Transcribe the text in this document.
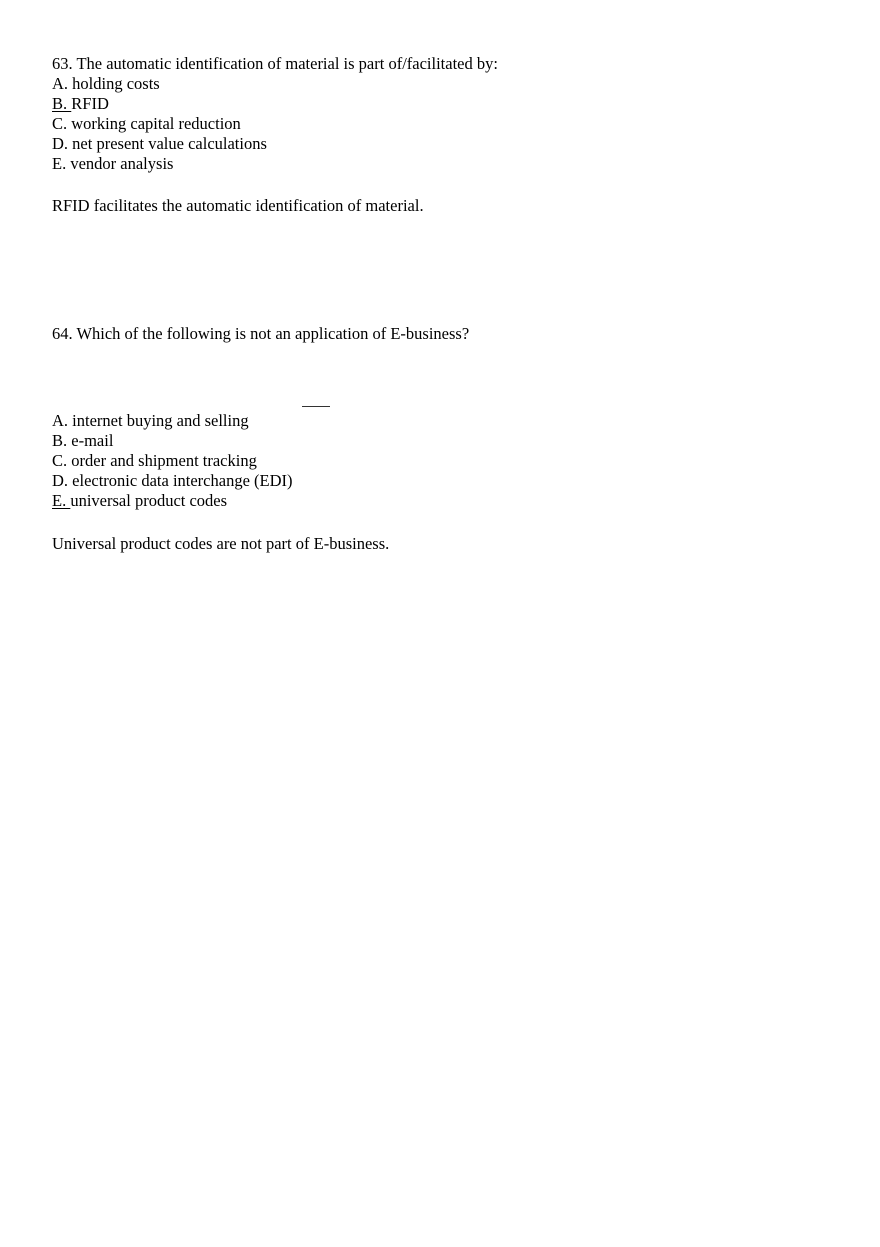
63. The automatic identification of material is part of/facilitated by:
A. holding costs
B. RFID
C. working capital reduction
D. net present value calculations
E. vendor analysis
RFID facilitates the automatic identification of material.
64. Which of the following is not an application of E-business?
A. internet buying and selling
B. e-mail
C. order and shipment tracking
D. electronic data interchange (EDI)
E. universal product codes
Universal product codes are not part of E-business.
